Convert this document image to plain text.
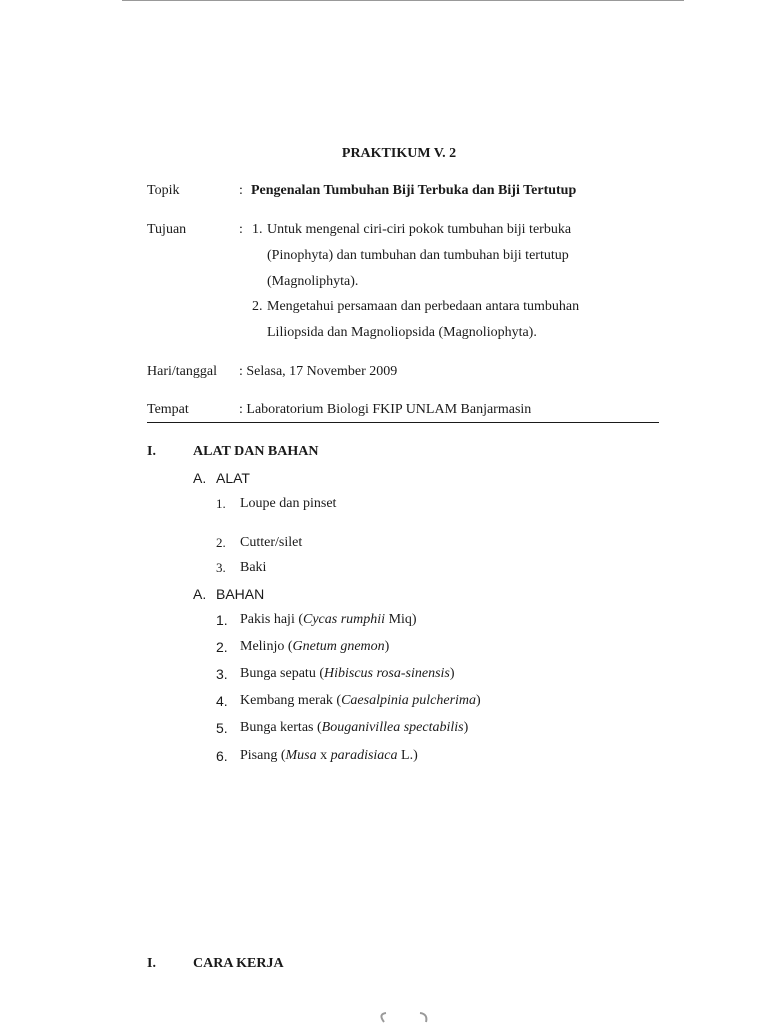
PRAKTIKUM V. 2
Topik	: Pengenalan Tumbuhan Biji Terbuka dan Biji Tertutup
Tujuan	: 1. Untuk mengenal ciri-ciri pokok tumbuhan biji terbuka
(Pinophyta) dan tumbuhan dan tumbuhan biji tertutup
(Magnoliphyta).
2. Mengetahui persamaan dan perbedaan antara tumbuhan
Liliopsida dan Magnoliopsida (Magnoliophyta).
Hari/tanggal : Selasa, 17 November 2009
Tempat	: Laboratorium Biologi FKIP UNLAM Banjarmasin
I.	ALAT DAN BAHAN
A. ALAT
1. Loupe dan pinset
2. Cutter/silet
3. Baki
A. BAHAN
1. Pakis haji (Cycas rumphii Miq)
2. Melinjo (Gnetum gnemon)
3. Bunga sepatu (Hibiscus rosa-sinensis)
4. Kembang merak (Caesalpinia pulcherima)
5. Bunga kertas (Bouganivillea spectabilis)
6. Pisang (Musa x paradisiaca L.)
I.	CARA KERJA
